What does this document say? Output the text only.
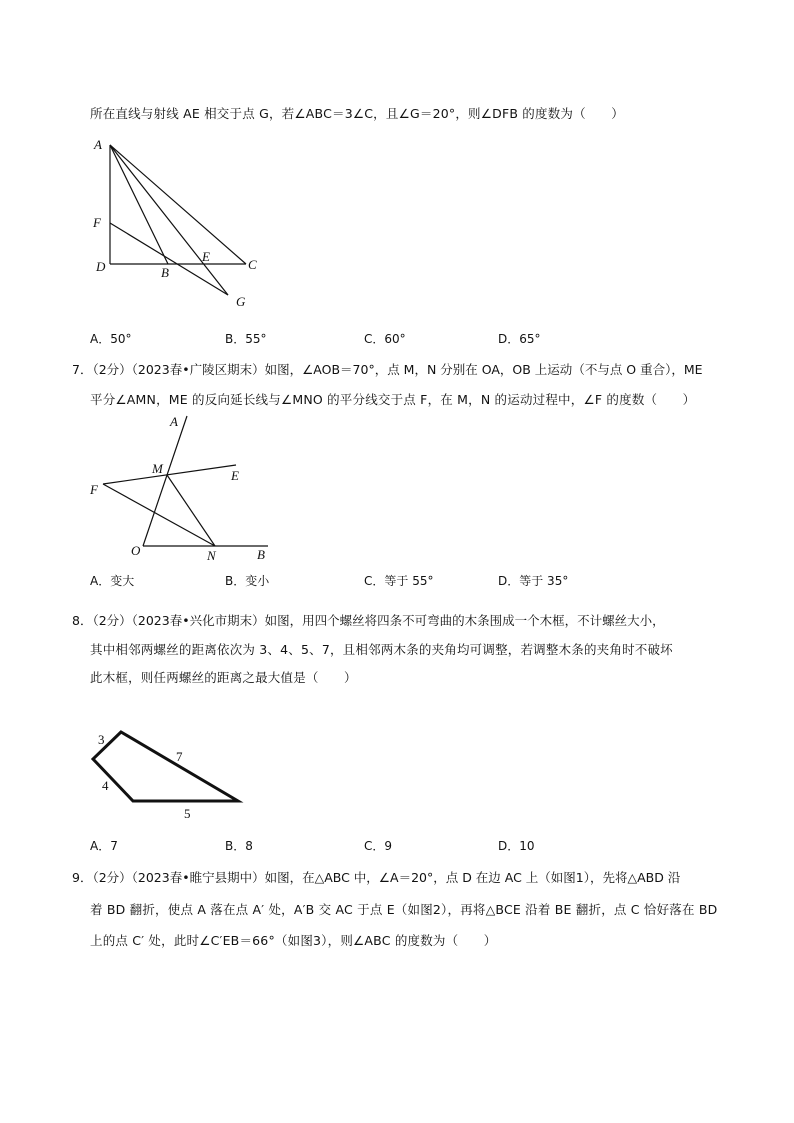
所在直线与射线 AE 相交于点 G，若∠ABC＝3∠C，且∠G＝20°，则∠DFB 的度数为（　　）
A
F
D	B
E
C
G
A．50°	B．55°	C．60°	D．65°
7．（2分）（2023春•广陵区期末）如图，∠AOB＝70°，点 M，N 分别在 OA，OB 上运动（不与点 O 重合），ME
平分∠AMN，ME 的反向延长线与∠MNO 的平分线交于点 F，在 M，N 的运动过程中，∠F 的度数（　　）
A
M	E
F
O	N	B
A．变大	B．变小	C．等于 55°	D．等于 35°
8．（2分）（2023春•兴化市期末）如图，用四个螺丝将四条不可弯曲的木条围成一个木框，不计螺丝大小，
其中相邻两螺丝的距离依次为 3、4、5、7，且相邻两木条的夹角均可调整，若调整木条的夹角时不破坏
此木框，则任两螺丝的距离之最大值是（　　）
3
4
7
5
A．7	B．8	C．9	D．10
9．（2分）（2023春•睢宁县期中）如图，在△ABC 中，∠A＝20°，点 D 在边 AC 上（如图1），先将△ABD 沿
着 BD 翻折，使点 A 落在点 A′ 处，A′B 交 AC 于点 E（如图2），再将△BCE 沿着 BE 翻折，点 C 恰好落在 BD
上的点 C′ 处，此时∠C′EB＝66°（如图3），则∠ABC 的度数为（　　）
